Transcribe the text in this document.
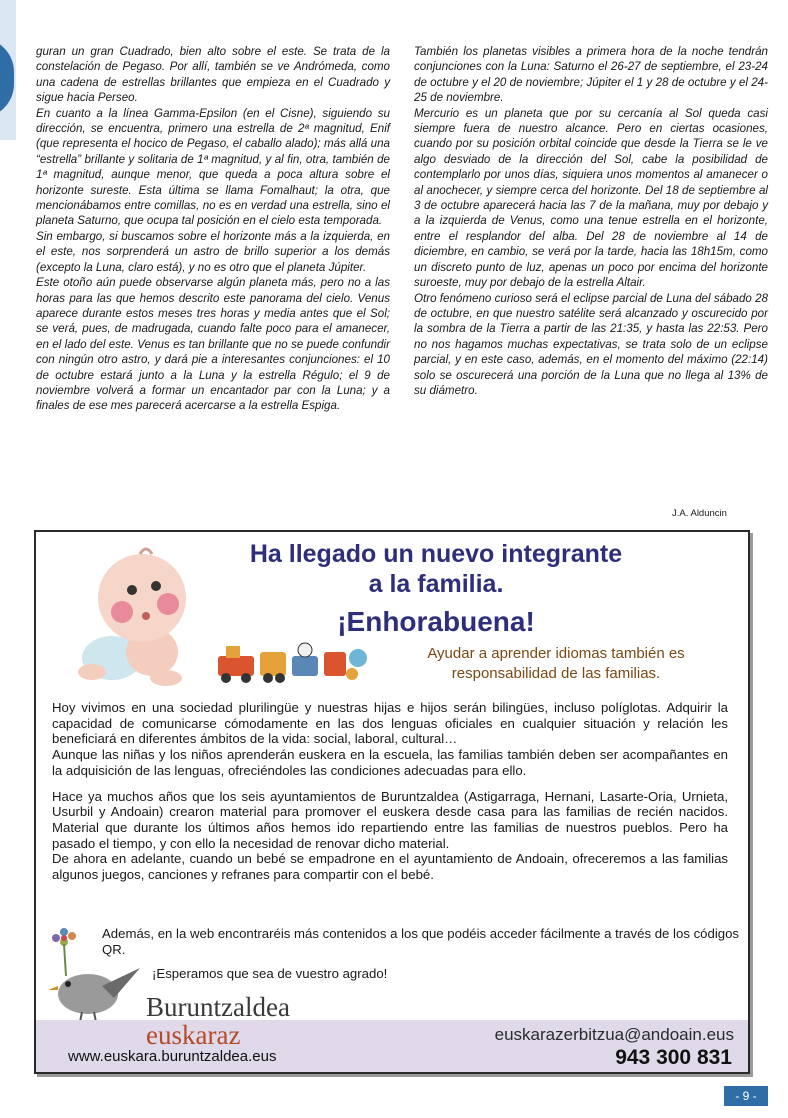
guran un gran Cuadrado, bien alto sobre el este. Se trata de la constelación de Pegaso. Por allí, también se ve Andrómeda, como una cadena de estrellas brillantes que empieza en el Cuadrado y sigue hacia Perseo.

En cuanto a la línea Gamma-Epsilon (en el Cisne), siguiendo su dirección, se encuentra, primero una estrella de 2ª magnitud, Enif (que representa el hocico de Pegaso, el caballo alado); más allá una “estrella” brillante y solitaria de 1ª magnitud, y al fin, otra, también de 1ª magnitud, aunque menor, que queda a poca altura sobre el horizonte sureste. Esta última se llama Fomalhaut; la otra, que mencionábamos entre comillas, no es en verdad una estrella, sino el planeta Saturno, que ocupa tal posición en el cielo esta temporada.

Sin embargo, si buscamos sobre el horizonte más a la izquierda, en el este, nos sorprenderá un astro de brillo superior a los demás (excepto la Luna, claro está), y no es otro que el planeta Júpiter.

Este otoño aún puede observarse algún planeta más, pero no a las horas para las que hemos descrito este panorama del cielo. Venus aparece durante estos meses tres horas y media antes que el Sol; se verá, pues, de madrugada, cuando falte poco para el amanecer, en el lado del este. Venus es tan brillante que no se puede confundir con ningún otro astro, y dará pie a interesantes conjunciones: el 10 de octubre estará junto a la Luna y la estrella Régulo; el 9 de noviembre volverá a formar un encantador par con la Luna; y a finales de ese mes parecerá acercarse a la estrella Espiga.

También los planetas visibles a primera hora de la noche tendrán conjunciones con la Luna: Saturno el 26-27 de septiembre, el 23-24 de octubre y el 20 de noviembre; Júpiter el 1 y 28 de octubre y el 24-25 de noviembre.

Mercurio es un planeta que por su cercanía al Sol queda casi siempre fuera de nuestro alcance. Pero en ciertas ocasiones, cuando por su posición orbital coincide que desde la Tierra se le ve algo desviado de la dirección del Sol, cabe la posibilidad de contemplarlo por unos días, siquiera unos momentos al amanecer o al anochecer, y siempre cerca del horizonte. Del 18 de septiembre al 3 de octubre aparecerá hacia las 7 de la mañana, muy por debajo y a la izquierda de Venus, como una tenue estrella en el horizonte, entre el resplandor del alba. Del 28 de noviembre al 14 de diciembre, en cambio, se verá por la tarde, hacia las 18h15m, como un discreto punto de luz, apenas un poco por encima del horizonte suroeste, muy por debajo de la estrella Altair.

Otro fenómeno curioso será el eclipse parcial de Luna del sábado 28 de octubre, en que nuestro satélite será alcanzado y oscurecido por la sombra de la Tierra a partir de las 21:35, y hasta las 22:53. Pero no nos hagamos muchas expectativas, se trata solo de un eclipse parcial, y en este caso, además, en el momento del máximo (22:14) solo se oscurecerá una porción de la Luna que no llega al 13% de su diámetro.

J.A. Alduncin
Ha llegado un nuevo integrante
a la familia.
¡Enhorabuena!
Ayudar a aprender idiomas también es
responsabilidad de las familias.

Hoy vivimos en una sociedad plurilingüe y nuestras hijas e hijos serán bilingües, incluso políglotas. Adquirir la capacidad de comunicarse cómodamente en las dos lenguas oficiales en cualquier situación y relación les beneficiará en diferentes ámbitos de la vida: social, laboral, cultural…

Aunque las niñas y los niños aprenderán euskera en la escuela, las familias también deben ser acompañantes en la adquisición de las lenguas, ofreciéndoles las condiciones adecuadas para ello.

Hace ya muchos años que los seis ayuntamientos de Buruntzaldea (Astigarraga, Hernani, Lasarte-Oria, Urnieta, Usurbil y Andoain) crearon material para promover el euskera desde casa para las familias de recién nacidos. Material que durante los últimos años hemos ido repartiendo entre las familias de nuestros pueblos. Pero ha pasado el tiempo, y con ello la necesidad de renovar dicho material.

De ahora en adelante, cuando un bebé se empadrone en el ayuntamiento de Andoain, ofreceremos a las familias algunos juegos, canciones y refranes para compartir con el bebé.

Además, en la web encontraréis más contenidos a los que podéis acceder fácilmente a través de los códigos QR.
¡Esperamos que sea de vuestro agrado!
Buruntzaldea
euskaraz	euskarazerbitzua@andoain.eus
943 300 831
www.euskara.buruntzaldea.eus
- 9 -
